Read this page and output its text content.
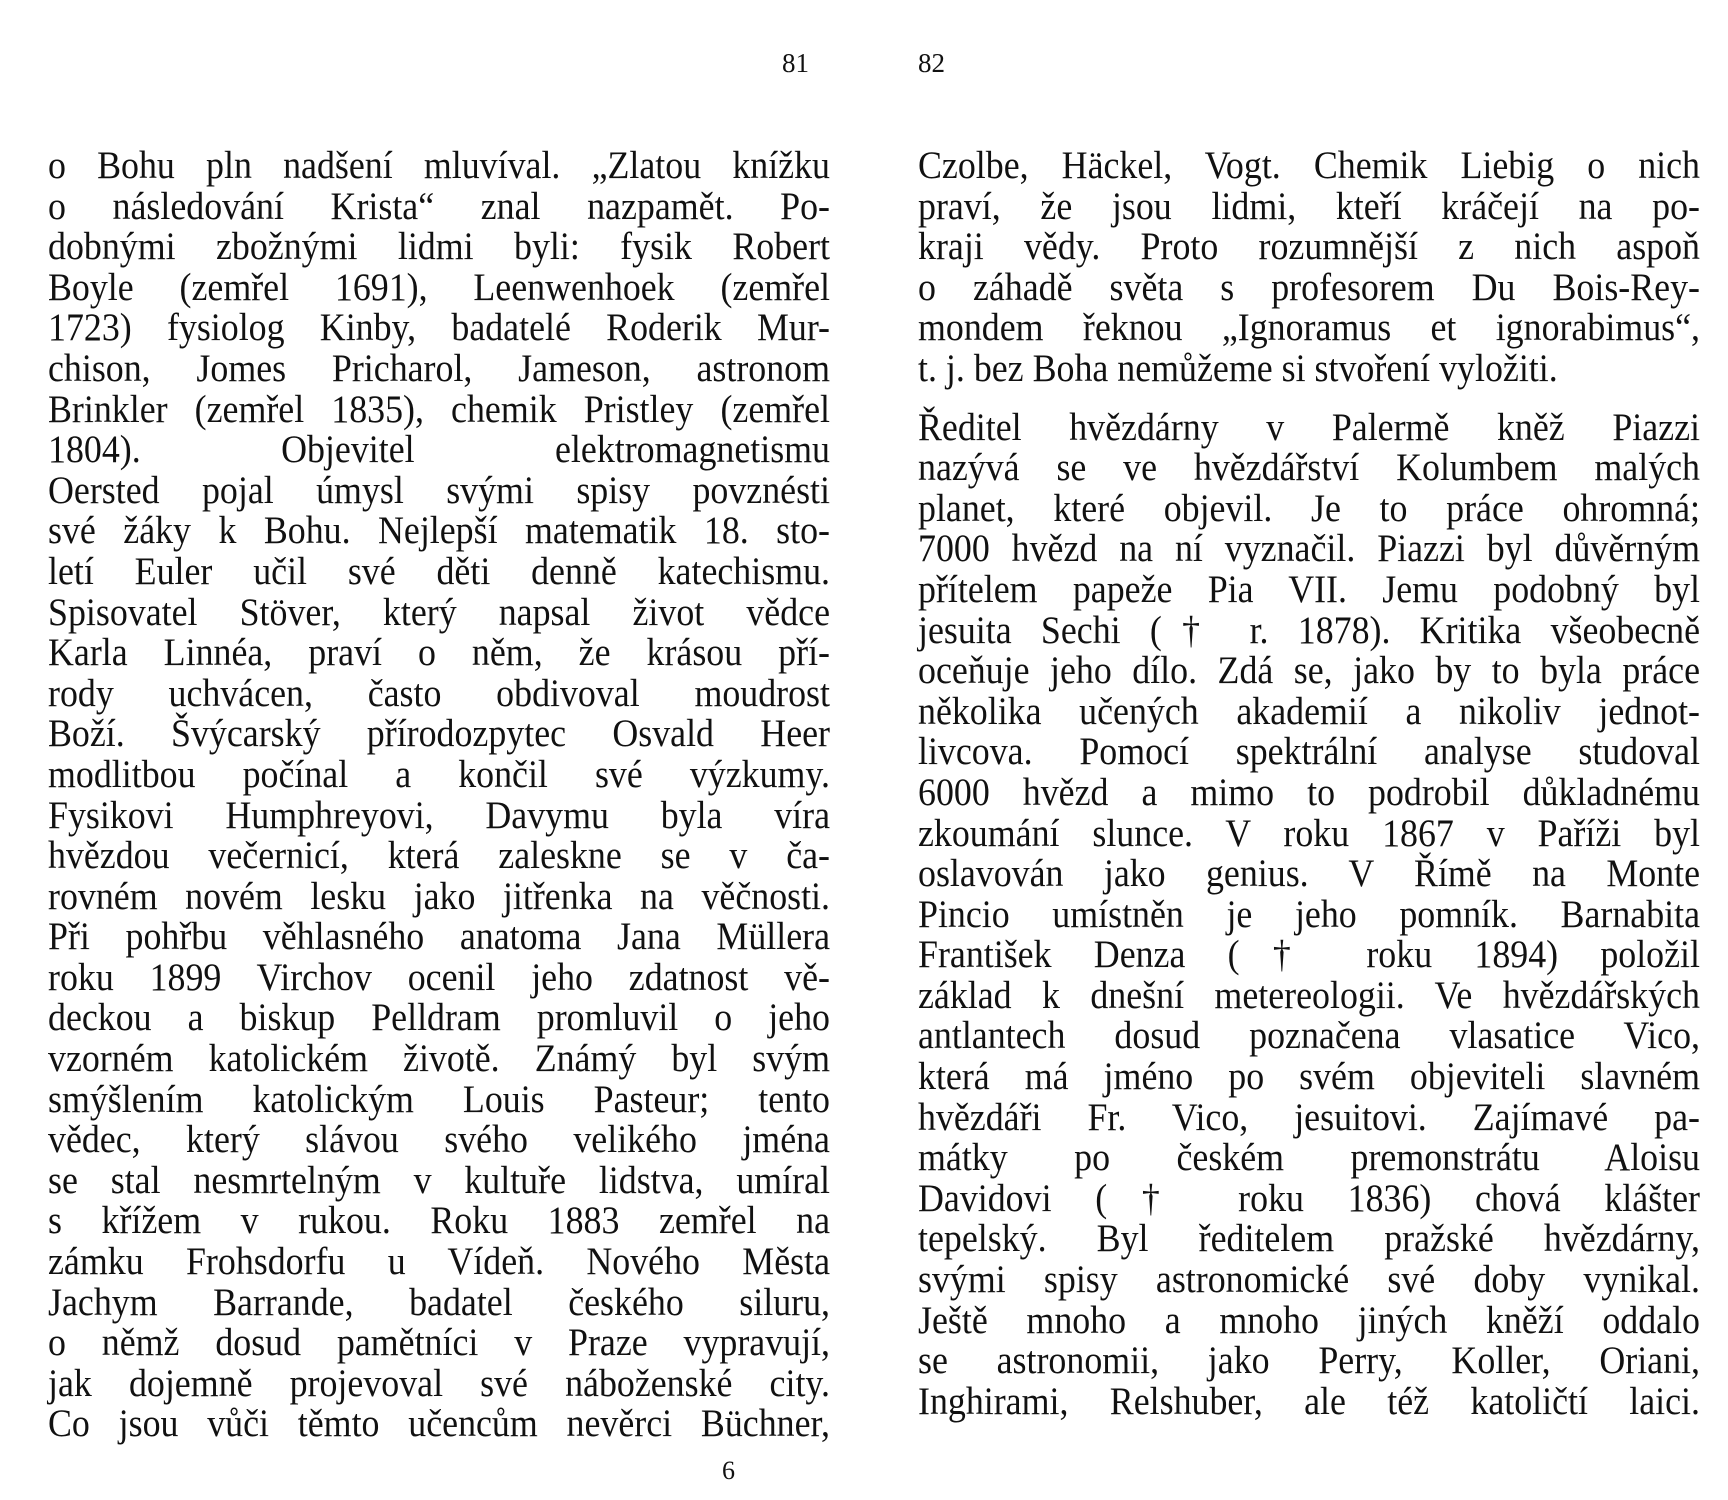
81	82
o Bohu pln nadšení mluvíval. „Zlatou knížku
o následování Krista“ znal nazpamět. Po-
dobnými zbožnými lidmi byli: fysik Robert
Boyle (zemřel 1691), Leenwenhoek (zemřel
1723) fysiolog Kinby, badatelé Roderik Mur-
chison, Jomes Pricharol, Jameson, astronom
Brinkler (zemřel 1835), chemik Pristley (zemřel
1804). Objevitel elektromagnetismu
Oersted pojal úmysl svými spisy povznésti
své žáky k Bohu. Nejlepší matematik 18. sto-
letí Euler učil své děti denně katechismu.
Spisovatel Stöver, který napsal život vědce
Karla Linnéa, praví o něm, že krásou pří-
rody uchvácen, často obdivoval moudrost
Boží. Švýcarský přírodozpytec Osvald Heer
modlitbou počínal a končil své výzkumy.
Fysikovi Humphreyovi, Davymu byla víra
hvězdou večernicí, která zaleskne se v ča-
rovném novém lesku jako jitřenka na věčnosti.
Při pohřbu věhlasného anatoma Jana Müllera
roku 1899 Virchov ocenil jeho zdatnost vě-
deckou a biskup Pelldram promluvil o jeho
vzorném katolickém životě. Známý byl svým
smýšlením katolickým Louis Pasteur; tento
vědec, který slávou svého velikého jména
se stal nesmrtelným v kultuře lidstva, umíral
s křížem v rukou. Roku 1883 zemřel na
zámku Frohsdorfu u Vídeň. Nového Města
Jachym Barrande, badatel českého siluru,
o němž dosud pamětníci v Praze vypravují,
jak dojemně projevoval své náboženské city.
Co jsou vůči těmto učencům nevěrci Büchner,
Czolbe, Häckel, Vogt. Chemik Liebig o nich
praví, že jsou lidmi, kteří kráčejí na po-
kraji vědy. Proto rozumnější z nich aspoň
o záhadě světa s profesorem Du Bois-Rey-
mondem řeknou „Ignoramus et ignorabimus“,
t. j. bez Boha nemůžeme si stvoření vyložiti.
Ředitel hvězdárny v Palermě kněž Piazzi
nazývá se ve hvězdářství Kolumbem malých
planet, které objevil. Je to práce ohromná;
7000 hvězd na ní vyznačil. Piazzi byl důvěrným
přítelem papeže Pia VII. Jemu podobný byl
jesuita Sechi († r. 1878). Kritika všeobecně
oceňuje jeho dílo. Zdá se, jako by to byla práce
několika učených akademií a nikoliv jednot-
livcova. Pomocí spektrální analyse studoval
6000 hvězd a mimo to podrobil důkladnému
zkoumání slunce. V roku 1867 v Paříži byl
oslavován jako genius. V Římě na Monte
Pincio umístněn je jeho pomník. Barnabita
František Denza († roku 1894) položil
základ k dnešní metereologii. Ve hvězdářských
antlantech dosud poznačena vlasatice Vico,
která má jméno po svém objeviteli slavném
hvězdáři Fr. Vico, jesuitovi. Zajímavé pa-
mátky po českém premonstrátu Aloisu
Davidovi († roku 1836) chová klášter
tepelský. Byl ředitelem pražské hvězdárny,
svými spisy astronomické své doby vynikal.
Ještě mnoho a mnoho jiných kněží oddalo
se astronomii, jako Perry, Koller, Oriani,
Inghirami, Relshuber, ale též katoličtí laici.
6
